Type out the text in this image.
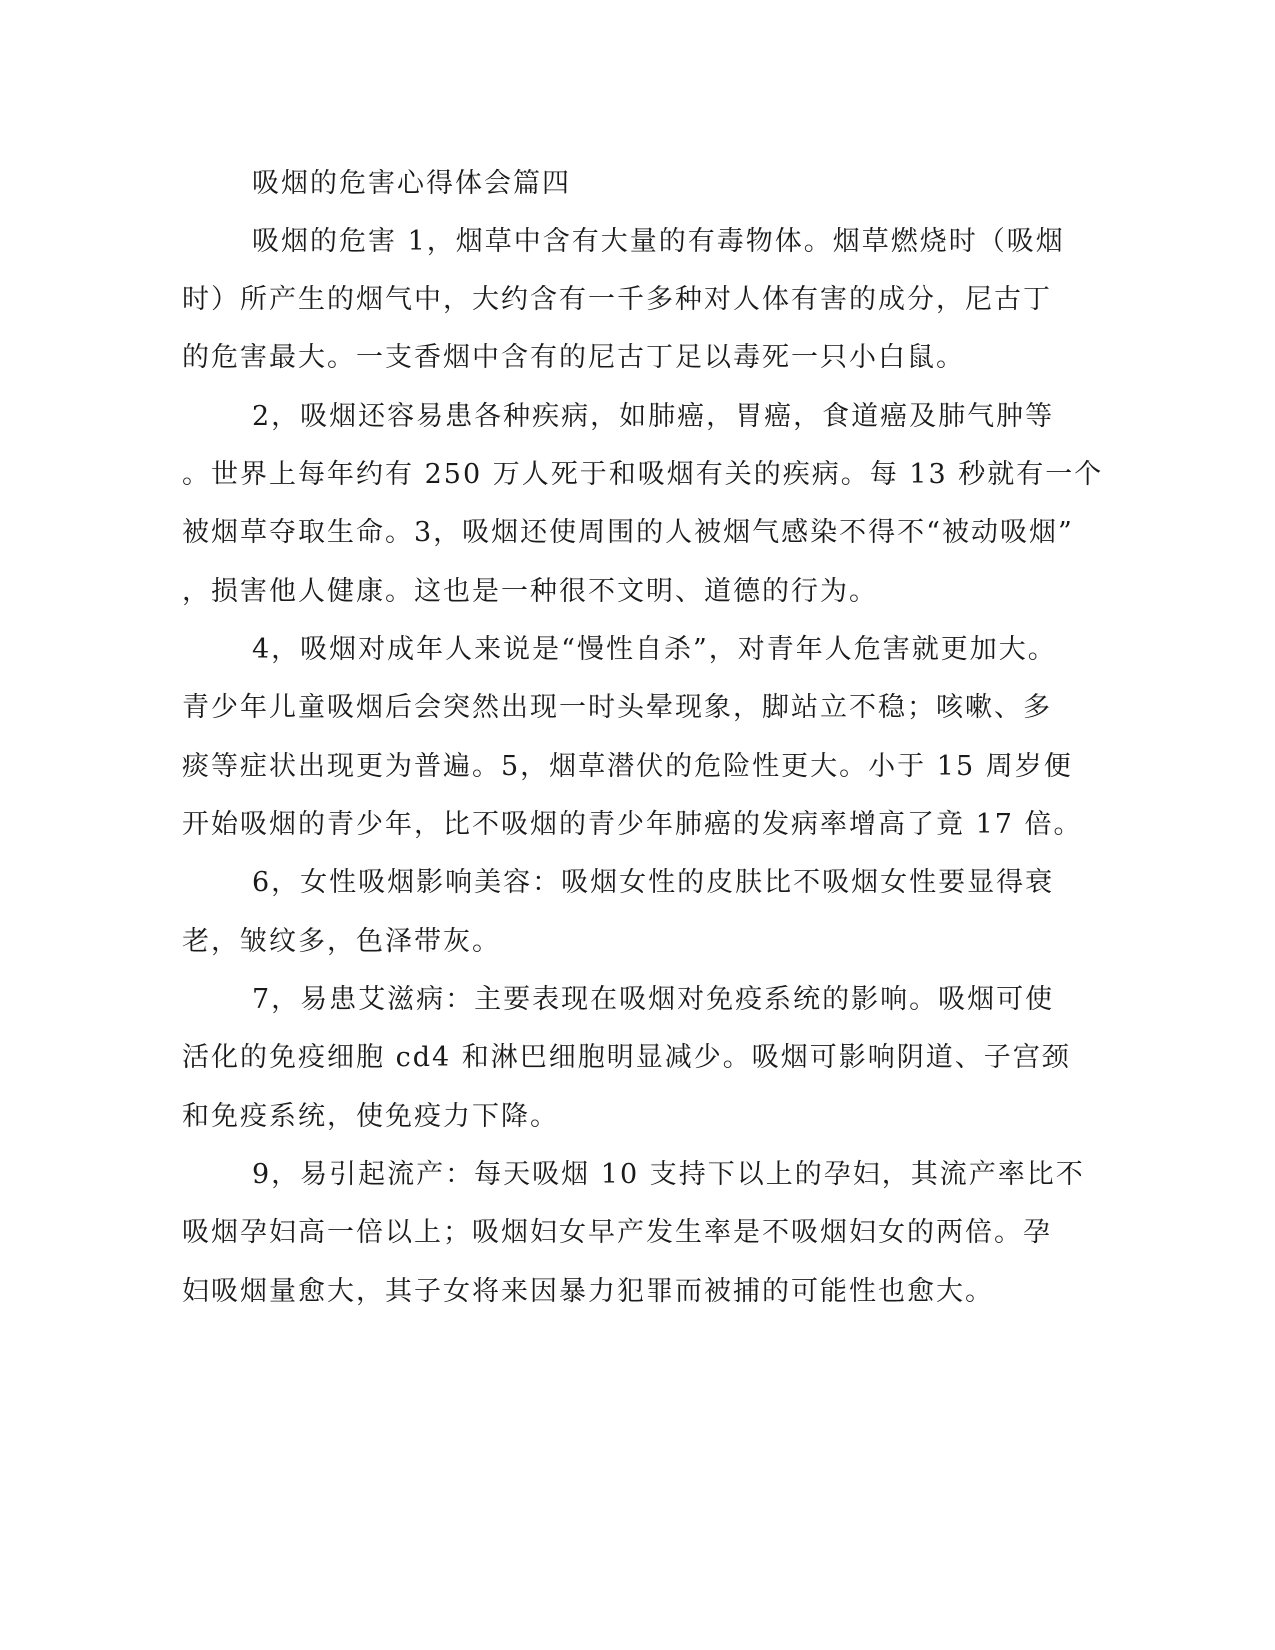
吸烟的危害心得体会篇四
吸烟的危害 1，烟草中含有大量的有毒物体。烟草燃烧时（吸烟
时）所产生的烟气中，大约含有一千多种对人体有害的成分，尼古丁
的危害最大。一支香烟中含有的尼古丁足以毒死一只小白鼠。
2，吸烟还容易患各种疾病，如肺癌，胃癌，食道癌及肺气肿等
。世界上每年约有 250 万人死于和吸烟有关的疾病。每 13 秒就有一个
被烟草夺取生命。3，吸烟还使周围的人被烟气感染不得不“被动吸烟”
，损害他人健康。这也是一种很不文明、道德的行为。
4，吸烟对成年人来说是“慢性自杀”，对青年人危害就更加大。
青少年儿童吸烟后会突然出现一时头晕现象，脚站立不稳；咳嗽、多
痰等症状出现更为普遍。5，烟草潜伏的危险性更大。小于 15 周岁便
开始吸烟的青少年，比不吸烟的青少年肺癌的发病率增高了竟 17 倍。
6，女性吸烟影响美容：吸烟女性的皮肤比不吸烟女性要显得衰
老，皱纹多，色泽带灰。
7，易患艾滋病：主要表现在吸烟对免疫系统的影响。吸烟可使
活化的免疫细胞 cd4 和淋巴细胞明显减少。吸烟可影响阴道、子宫颈
和免疫系统，使免疫力下降。
9，易引起流产：每天吸烟 10 支持下以上的孕妇，其流产率比不
吸烟孕妇高一倍以上；吸烟妇女早产发生率是不吸烟妇女的两倍。孕
妇吸烟量愈大，其子女将来因暴力犯罪而被捕的可能性也愈大。
